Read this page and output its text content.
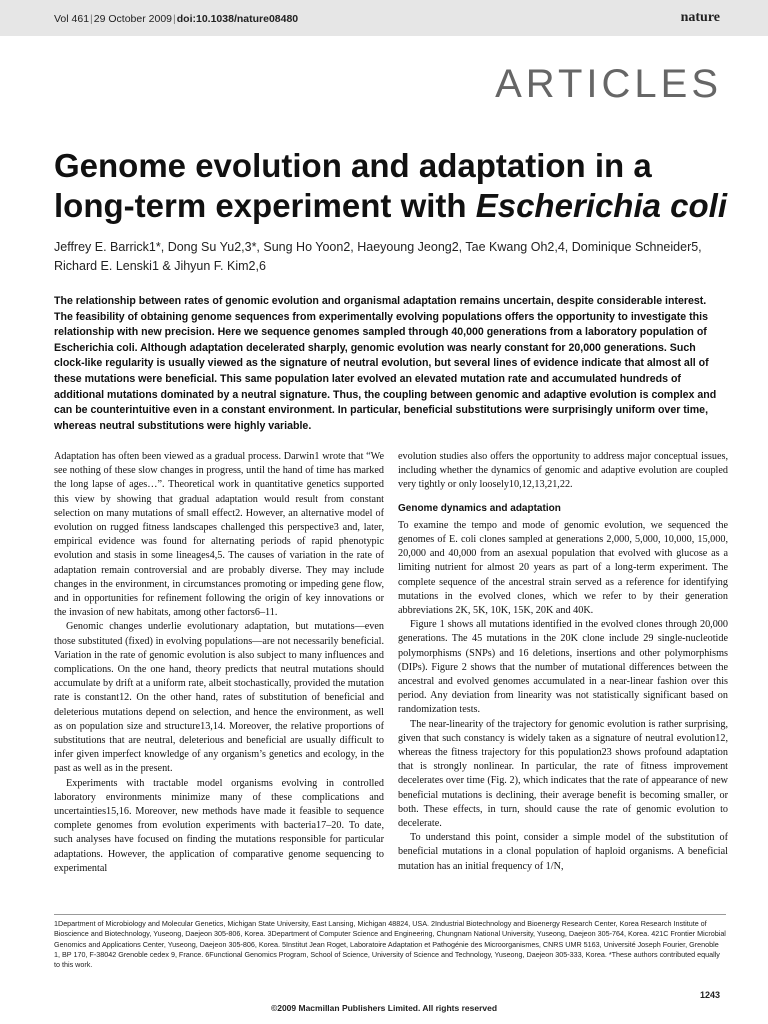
Vol 461|29 October 2009|doi:10.1038/nature08480	nature
ARTICLES
Genome evolution and adaptation in a long-term experiment with Escherichia coli

Jeffrey E. Barrick1*, Dong Su Yu2,3*, Sung Ho Yoon2, Haeyoung Jeong2, Tae Kwang Oh2,4, Dominique Schneider5, Richard E. Lenski1 & Jihyun F. Kim2,6

The relationship between rates of genomic evolution and organismal adaptation remains uncertain, despite considerable interest. The feasibility of obtaining genome sequences from experimentally evolving populations offers the opportunity to investigate this relationship with new precision. Here we sequence genomes sampled through 40,000 generations from a laboratory population of Escherichia coli. Although adaptation decelerated sharply, genomic evolution was nearly constant for 20,000 generations. Such clock-like regularity is usually viewed as the signature of neutral evolution, but several lines of evidence indicate that almost all of these mutations were beneficial. This same population later evolved an elevated mutation rate and accumulated hundreds of additional mutations dominated by a neutral signature. Thus, the coupling between genomic and adaptive evolution is complex and can be counterintuitive even in a constant environment. In particular, beneficial substitutions were surprisingly uniform over time, whereas neutral substitutions were highly variable.

Adaptation has often been viewed as a gradual process. Darwin1 wrote that “We see nothing of these slow changes in progress, until the hand of time has marked the long lapse of ages…”. Theoretical work in quantitative genetics supported this view by showing that gradual adaptation would result from constant selection on many mutations of small effect2. However, an alternative model of evolution on rugged fitness landscapes challenged this perspective3 and, later, empirical evidence was found for alternating periods of rapid phenotypic evolution and stasis in some lineages4,5. The causes of variation in the rate of adaptation remain controversial and are probably diverse. They may include changes in the environment, in circumstances promoting or impeding gene flow, and in opportunities for refinement following the origin of key innovations or the invasion of new habitats, among other factors6–11.

Genomic changes underlie evolutionary adaptation, but mutations—even those substituted (fixed) in evolving populations—are not necessarily beneficial. Variation in the rate of genomic evolution is also subject to many influences and complications. On the one hand, theory predicts that neutral mutations should accumulate by drift at a uniform rate, albeit stochastically, provided the mutation rate is constant12. On the other hand, rates of substitution of beneficial and deleterious mutations depend on selection, and hence the environment, as well as on population size and structure13,14. Moreover, the relative proportions of substitutions that are neutral, deleterious and beneficial are usually difficult to infer given imperfect knowledge of any organism’s genetics and ecology, in the past as well as in the present.

Experiments with tractable model organisms evolving in controlled laboratory environments minimize many of these complications and uncertainties15,16. Moreover, new methods have made it feasible to sequence complete genomes from evolution experiments with bacteria17–20. To date, such analyses have focused on finding the mutations responsible for particular adaptations. However, the application of comparative genome sequencing to experimental

evolution studies also offers the opportunity to address major conceptual issues, including whether the dynamics of genomic and adaptive evolution are coupled very tightly or only loosely10,12,13,21,22.

Genome dynamics and adaptation

To examine the tempo and mode of genomic evolution, we sequenced the genomes of E. coli clones sampled at generations 2,000, 5,000, 10,000, 15,000, 20,000 and 40,000 from an asexual population that evolved with glucose as a limiting nutrient for almost 20 years as part of a long-term experiment. The complete sequence of the ancestral strain served as a reference for identifying mutations in the evolved clones, which we refer to by their generation abbreviations 2K, 5K, 10K, 15K, 20K and 40K.

Figure 1 shows all mutations identified in the evolved clones through 20,000 generations. The 45 mutations in the 20K clone include 29 single-nucleotide polymorphisms (SNPs) and 16 deletions, insertions and other polymorphisms (DIPs). Figure 2 shows that the number of mutational differences between the ancestral and evolved genomes accumulated in a near-linear fashion over this period. Any deviation from linearity was not statistically significant based on randomization tests.

The near-linearity of the trajectory for genomic evolution is rather surprising, given that such constancy is widely taken as a signature of neutral evolution12, whereas the fitness trajectory for this population23 shows profound adaptation that is strongly nonlinear. In particular, the rate of fitness improvement decelerates over time (Fig. 2), which indicates that the rate of appearance of new beneficial mutations is declining, their average benefit is becoming smaller, or both. These effects, in turn, should cause the rate of genomic evolution to decelerate.

To understand this point, consider a simple model of the substitution of beneficial mutations in a clonal population of haploid organisms. A beneficial mutation has an initial frequency of 1/N,

1Department of Microbiology and Molecular Genetics, Michigan State University, East Lansing, Michigan 48824, USA. 2Industrial Biotechnology and Bioenergy Research Center, Korea Research Institute of Bioscience and Biotechnology, Yuseong, Daejeon 305-806, Korea. 3Department of Computer Science and Engineering, Chungnam National University, Yuseong, Daejeon 305-764, Korea. 421C Frontier Microbial Genomics and Applications Center, Yuseong, Daejeon 305-806, Korea. 5Institut Jean Roget, Laboratoire Adaptation et Pathogénie des Microorganismes, CNRS UMR 5163, Université Joseph Fourier, Grenoble 1, BP 170, F-38042 Grenoble cedex 9, France. 6Functional Genomics Program, School of Science, University of Science and Technology, Yuseong, Daejeon 305-333, Korea. *These authors contributed equally to this work.

1243
©2009 Macmillan Publishers Limited. All rights reserved
